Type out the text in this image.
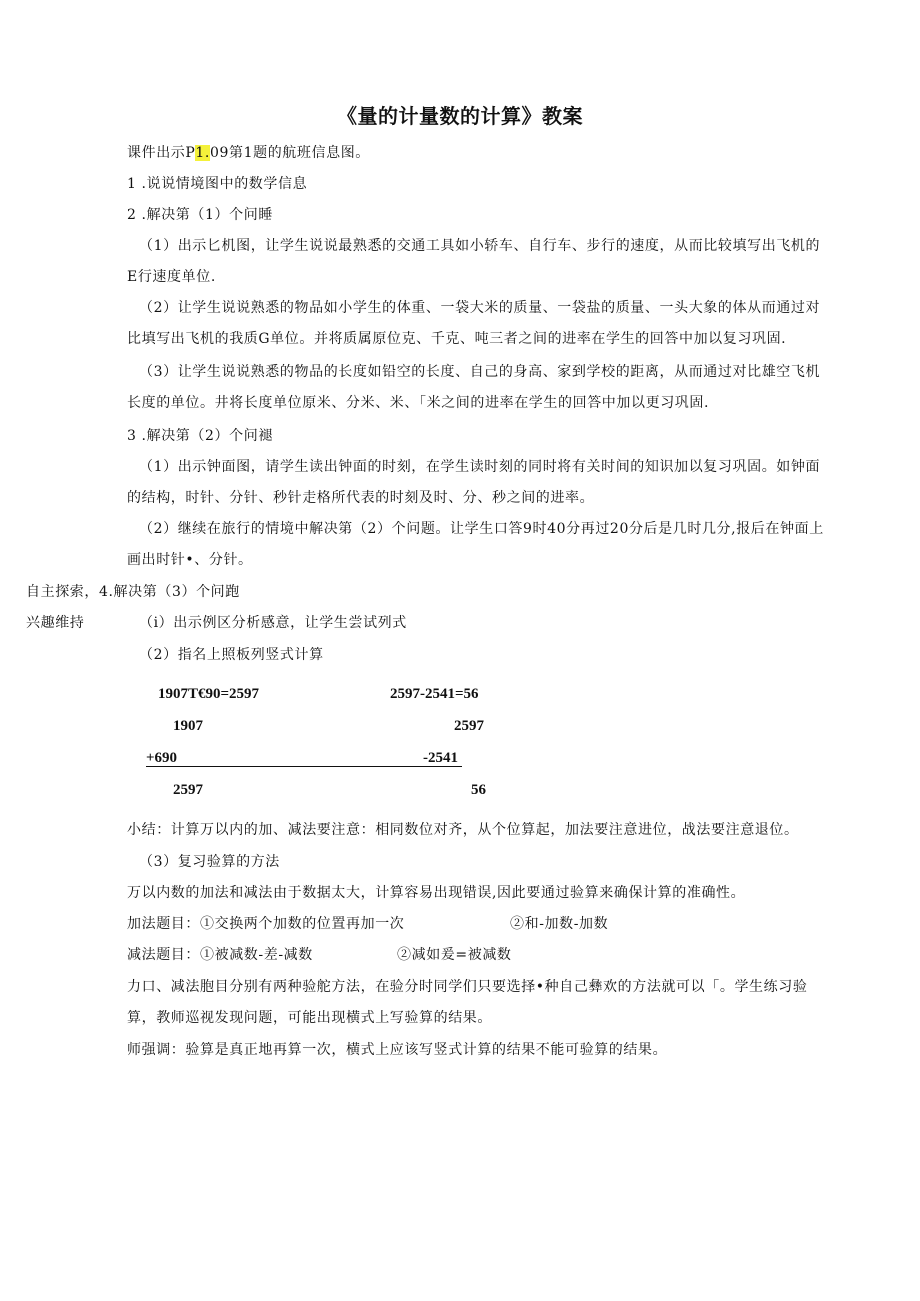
《量的计量数的计算》教案
课件出示P1.09第1题的航班信息图。
1 .说说情境图中的数学信息
2 .解决第（1）个问睡
（1）出示匕机图，让学生说说最熟悉的交通工具如小轿车、自行车、步行的速度，从而比较填写出飞机的
E行速度单位.
（2）让学生说说熟悉的物品如小学生的体重、一袋大米的质量、一袋盐的质量、一头大象的体从而通过对
比填写出飞机的我质G单位。并将质属原位克、千克、吨三者之间的进率在学生的回答中加以复习巩固.
（3）让学生说说熟悉的物品的长度如铅空的长度、自己的身高、家到学校的距离，从而通过对比雄空飞机
长度的单位。井将长度单位原米、分米、米、「米之间的进率在学生的回答中加以更习巩固.
3 .解决第（2）个问褪
（1）出示钟面图，请学生读出钟面的时刻，在学生读时刻的同时将有关时间的知识加以复习巩固。如钟面
的结构，时针、分针、秒针走格所代表的时刻及时、分、秒之间的进率。
（2）继续在旅行的情境中解决第（2）个问题。让学生口答9时40分再过20分后是几时几分,报后在钟面上
画出时针•、分针。
自主探索，4.解决第（3）个问跑
兴趣维持	（i）出示例区分析感意，让学生尝试列式
（2）指名上照板列竖式计算
1907T€90=2597	2597-2541=56
1907	2597
+690	-2541
2597	56
小结：计算万以内的加、减法要注意：相同数位对齐，从个位算起，加法要注意进位，战法要注意退位。
（3）复习验算的方法
万以内数的加法和减法由于数据太大，计算容易出现错误,因此要通过验算来确保计算的准确性。
加法题目：①交换两个加数的位置再加一次	②和-加数-加数
减法题目：①被减数-差-减数	②减如爰=被减数
力口、减法胞目分别有两种验舵方法，在验分时同学们只要选择•种自己彝欢的方法就可以「。学生练习验
算，教师巡视发现问题，可能出现横式上写验算的结果。
师强调：验算是真正地再算一次，横式上应该写竖式计算的结果不能可验算的结果。
